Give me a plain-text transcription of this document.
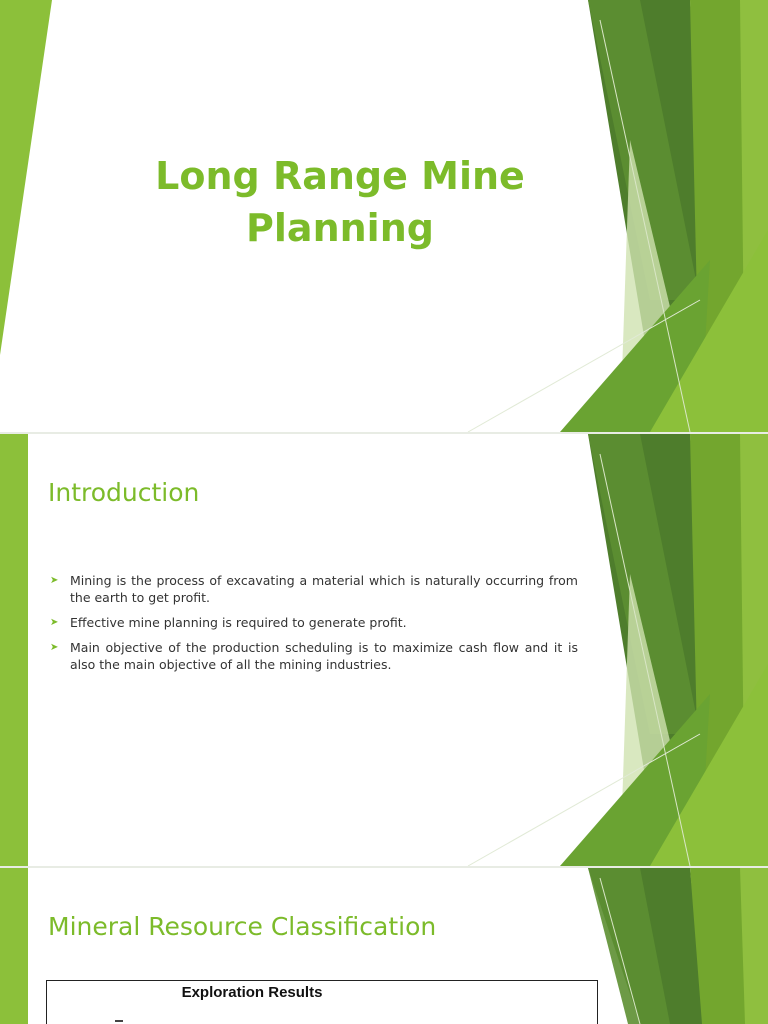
Long Range Mine Planning
Introduction
➤ Mining is the process of excavating a material which is naturally occurring from the earth to get profit.
➤ Effective mine planning is required to generate profit.
➤ Main objective of the production scheduling is to maximize cash flow and it is also the main objective of all the mining industries.
Mineral Resource Classification
Exploration Results
